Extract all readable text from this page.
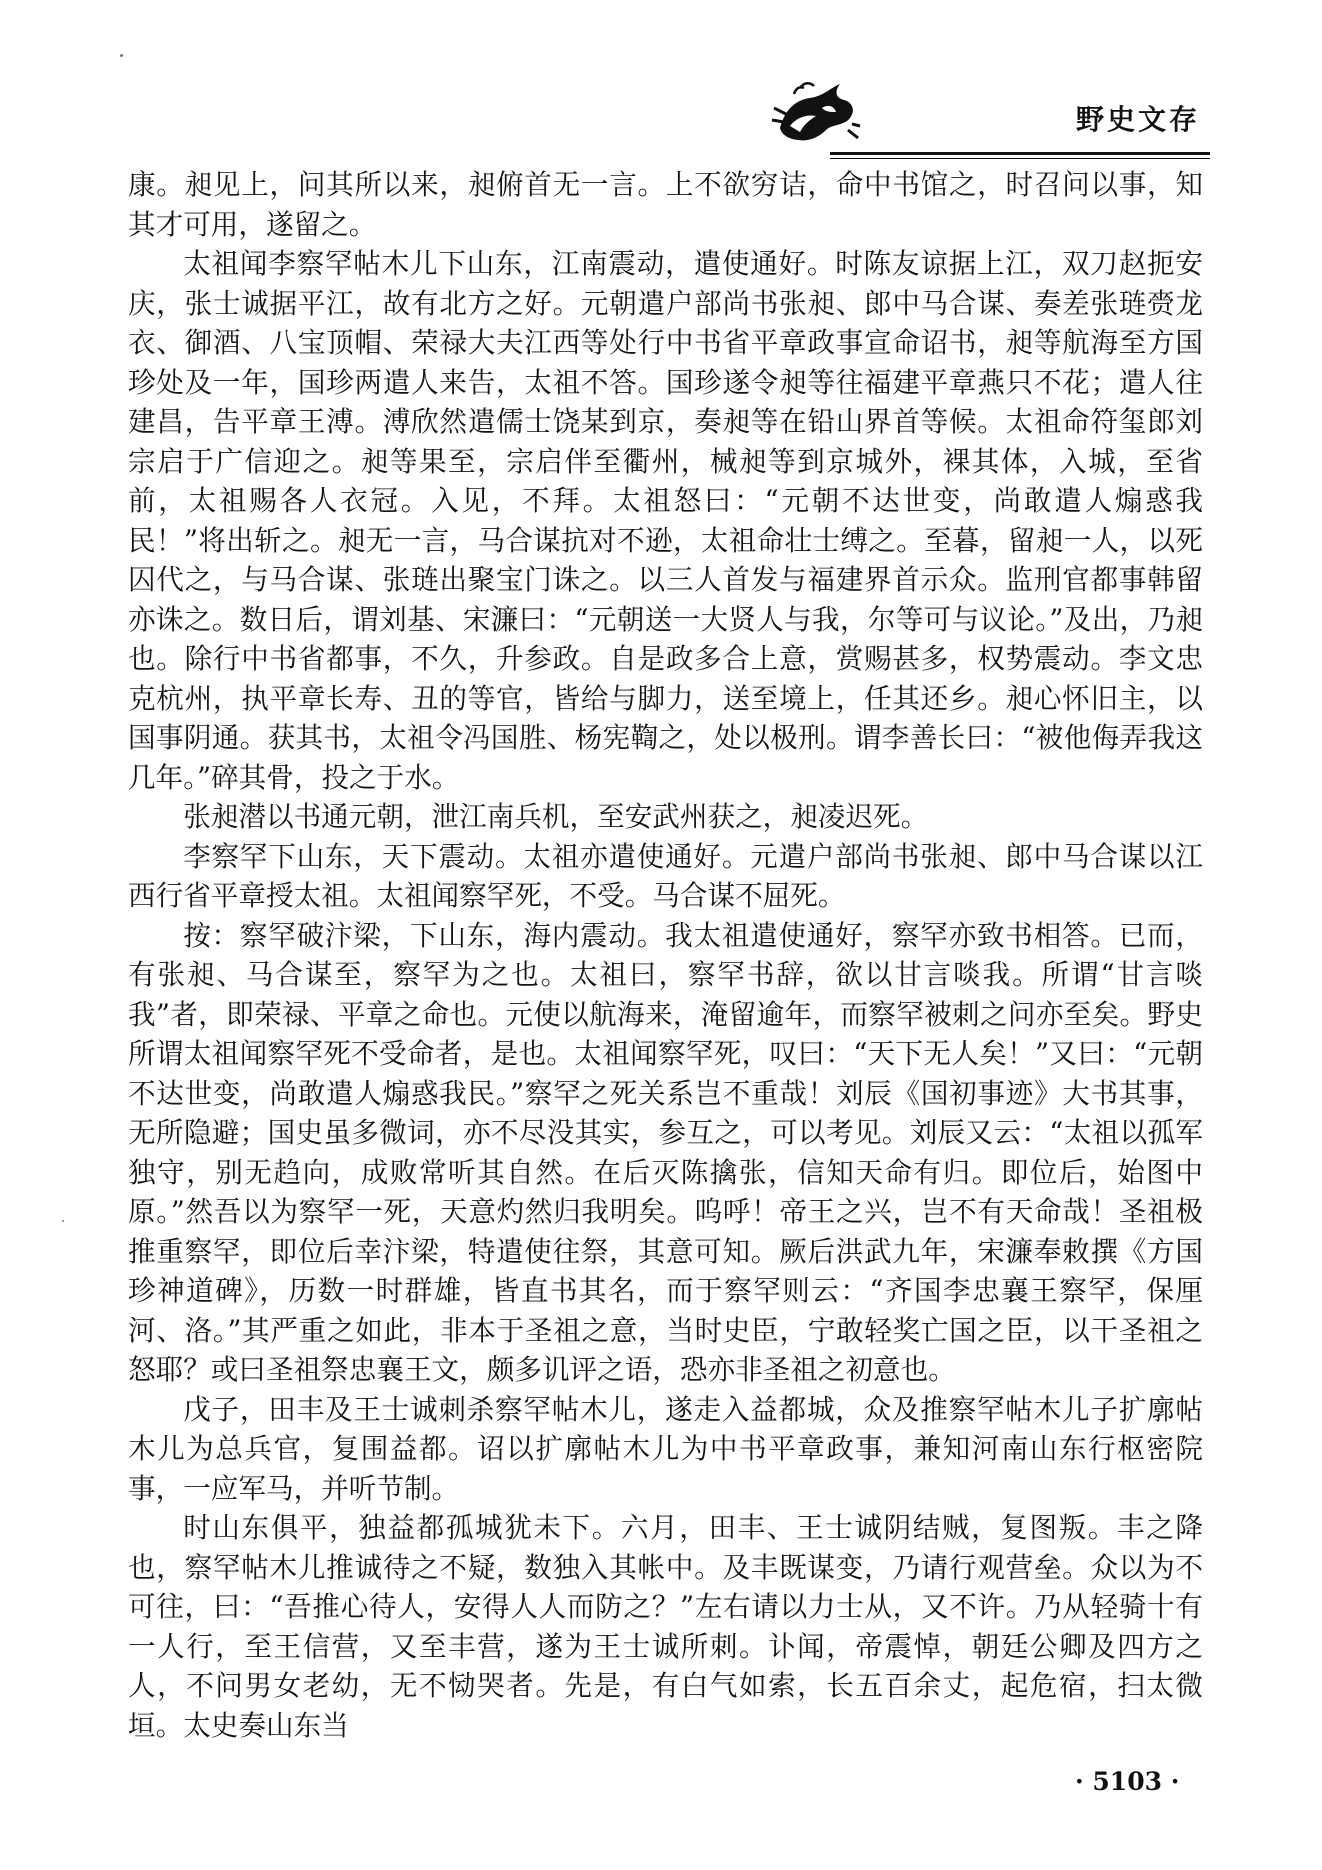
野史文存

康。昶见上，问其所以来，昶俯首无一言。上不欲穷诘，命中书馆之，时召问以事，知其才可用，遂留之。

太祖闻李察罕帖木儿下山东，江南震动，遣使通好。时陈友谅据上江，双刀赵扼安庆，张士诚据平江，故有北方之好。元朝遣户部尚书张昶、郎中马合谋、奏差张琏赍龙衣、御酒、八宝顶帽、荣禄大夫江西等处行中书省平章政事宣命诏书，昶等航海至方国珍处及一年，国珍两遣人来告，太祖不答。国珍遂令昶等往福建平章燕只不花；遣人往建昌，告平章王溥。溥欣然遣儒士饶某到京，奏昶等在铅山界首等候。太祖命符玺郎刘宗启于广信迎之。昶等果至，宗启伴至衢州，械昶等到京城外，裸其体，入城，至省前，太祖赐各人衣冠。入见，不拜。太祖怒曰：“元朝不达世变，尚敢遣人煽惑我民！”将出斩之。昶无一言，马合谋抗对不逊，太祖命壮士缚之。至暮，留昶一人，以死囚代之，与马合谋、张琏出聚宝门诛之。以三人首发与福建界首示众。监刑官都事韩留亦诛之。数日后，谓刘基、宋濂曰：“元朝送一大贤人与我，尔等可与议论。”及出，乃昶也。除行中书省都事，不久，升参政。自是政多合上意，赏赐甚多，权势震动。李文忠克杭州，执平章长寿、丑的等官，皆给与脚力，送至境上，任其还乡。昶心怀旧主，以国事阴通。获其书，太祖令冯国胜、杨宪鞫之，处以极刑。谓李善长曰：“被他侮弄我这几年。”碎其骨，投之于水。

张昶潜以书通元朝，泄江南兵机，至安武州获之，昶凌迟死。

李察罕下山东，天下震动。太祖亦遣使通好。元遣户部尚书张昶、郎中马合谋以江西行省平章授太祖。太祖闻察罕死，不受。马合谋不屈死。

按：察罕破汴梁，下山东，海内震动。我太祖遣使通好，察罕亦致书相答。已而，有张昶、马合谋至，察罕为之也。太祖曰，察罕书辞，欲以甘言啖我。所谓“甘言啖我”者，即荣禄、平章之命也。元使以航海来，淹留逾年，而察罕被刺之问亦至矣。野史所谓太祖闻察罕死不受命者，是也。太祖闻察罕死，叹曰：“天下无人矣！”又曰：“元朝不达世变，尚敢遣人煽惑我民。”察罕之死关系岂不重哉！刘辰《国初事迹》大书其事，无所隐避；国史虽多微词，亦不尽没其实，参互之，可以考见。刘辰又云：“太祖以孤军独守，别无趋向，成败常听其自然。在后灭陈擒张，信知天命有归。即位后，始图中原。”然吾以为察罕一死，天意灼然归我明矣。呜呼！帝王之兴，岂不有天命哉！圣祖极推重察罕，即位后幸汴梁，特遣使往祭，其意可知。厥后洪武九年，宋濂奉敕撰《方国珍神道碑》，历数一时群雄，皆直书其名，而于察罕则云：“齐国李忠襄王察罕，保厘河、洛。”其严重之如此，非本于圣祖之意，当时史臣，宁敢轻奖亡国之臣，以干圣祖之怒耶？或曰圣祖祭忠襄王文，颇多讥评之语，恐亦非圣祖之初意也。

戊子，田丰及王士诚刺杀察罕帖木儿，遂走入益都城，众及推察罕帖木儿子扩廓帖木儿为总兵官，复围益都。诏以扩廓帖木儿为中书平章政事，兼知河南山东行枢密院事，一应军马，并听节制。

时山东俱平，独益都孤城犹未下。六月，田丰、王士诚阴结贼，复图叛。丰之降也，察罕帖木儿推诚待之不疑，数独入其帐中。及丰既谋变，乃请行观营垒。众以为不可往，曰：“吾推心待人，安得人人而防之？”左右请以力士从，又不许。乃从轻骑十有一人行，至王信营，又至丰营，遂为王士诚所刺。讣闻，帝震悼，朝廷公卿及四方之人，不问男女老幼，无不恸哭者。先是，有白气如索，长五百余丈，起危宿，扫太微垣。太史奏山东当

· 5103 ·
